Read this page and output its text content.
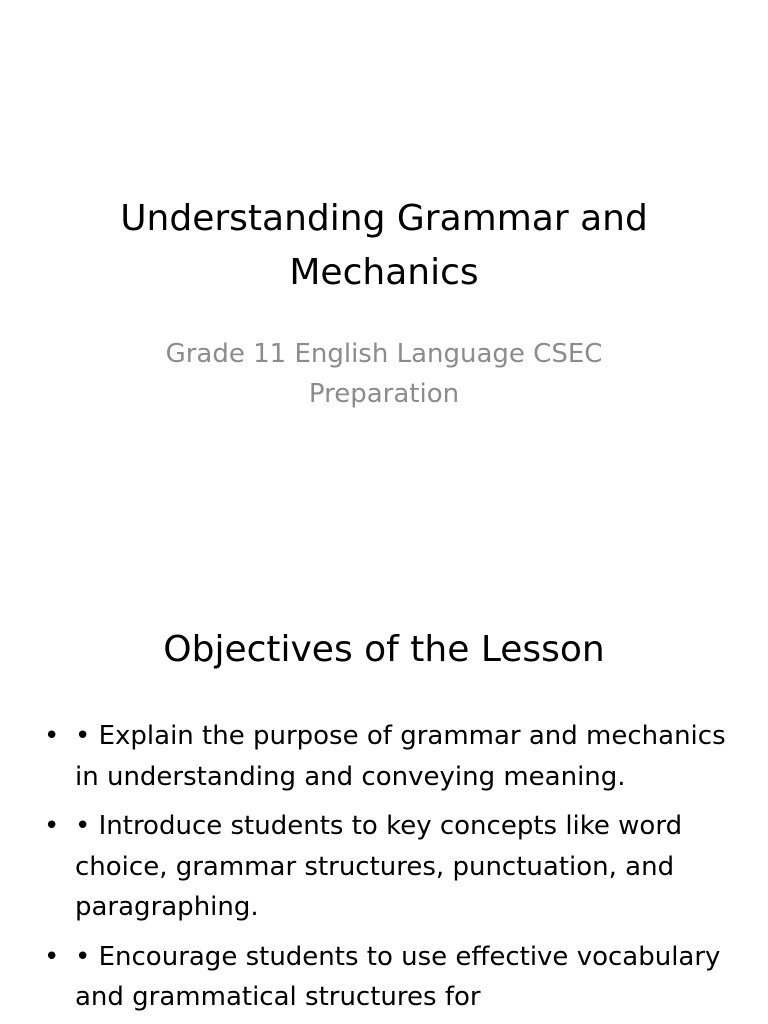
Understanding Grammar and Mechanics

Grade 11 English Language CSEC Preparation

Objectives of the Lesson
• • Explain the purpose of grammar and mechanics in understanding and conveying meaning.
• • Introduce students to key concepts like word choice, grammar structures, punctuation, and paragraphing.
• • Encourage students to use effective vocabulary and grammatical structures for
